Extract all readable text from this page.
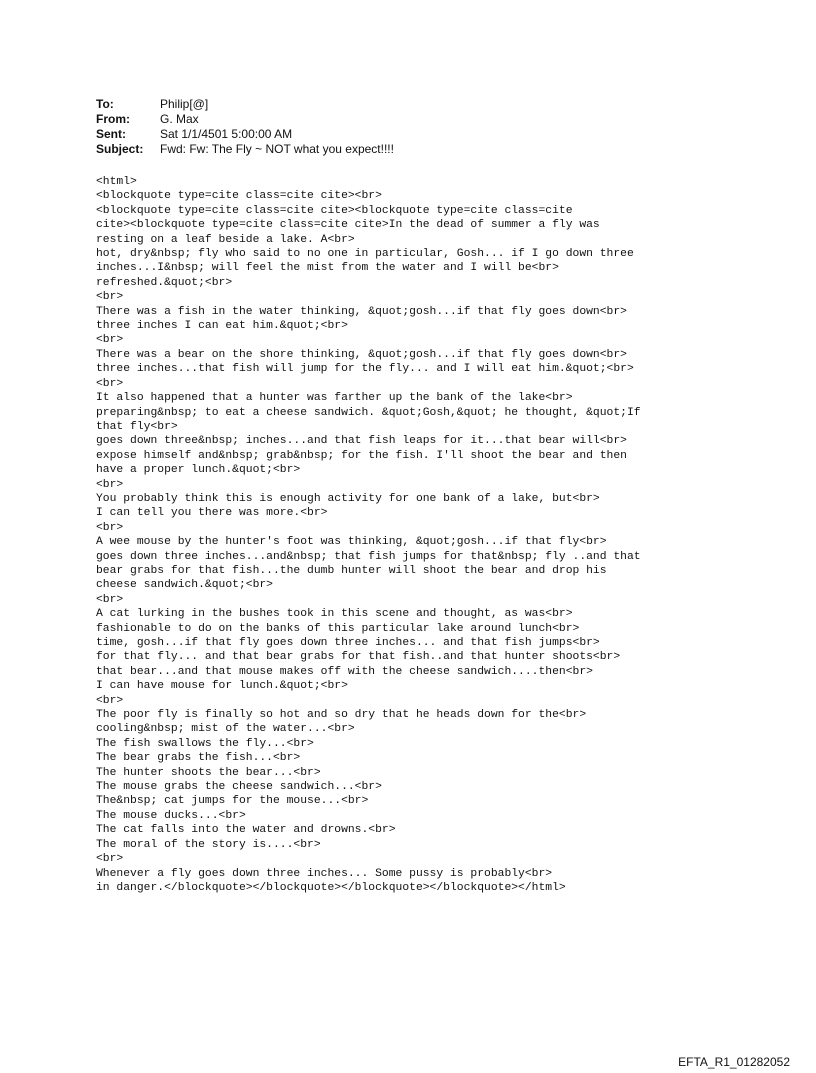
To:	Philip[@]
From:	G. Max
Sent:	Sat 1/1/4501 5:00:00 AM
Subject:	Fwd: Fw: The Fly ~ NOT what you expect!!!!
<html>
<blockquote type=cite class=cite cite><br>
<blockquote type=cite class=cite cite><blockquote type=cite class=cite
cite><blockquote type=cite class=cite cite>In the dead of summer a fly was
resting on a leaf beside a lake. A<br>
hot, dry&nbsp; fly who said to no one in particular, Gosh... if I go down three
inches...I&nbsp; will feel the mist from the water and I will be<br>
refreshed.&quot;<br>
<br>
There was a fish in the water thinking, &quot;gosh...if that fly goes down<br>
three inches I can eat him.&quot;<br>
<br>
There was a bear on the shore thinking, &quot;gosh...if that fly goes down<br>
three inches...that fish will jump for the fly... and I will eat him.&quot;<br>
<br>
It also happened that a hunter was farther up the bank of the lake<br>
preparing&nbsp; to eat a cheese sandwich. &quot;Gosh,&quot; he thought, &quot;If
that fly<br>
goes down three&nbsp; inches...and that fish leaps for it...that bear will<br>
expose himself and&nbsp; grab&nbsp; for the fish. I'll shoot the bear and then
have a proper lunch.&quot;<br>
<br>
You probably think this is enough activity for one bank of a lake, but<br>
I can tell you there was more.<br>
<br>
A wee mouse by the hunter's foot was thinking, &quot;gosh...if that fly<br>
goes down three inches...and&nbsp; that fish jumps for that&nbsp; fly ..and that
bear grabs for that fish...the dumb hunter will shoot the bear and drop his
cheese sandwich.&quot;<br>
<br>
A cat lurking in the bushes took in this scene and thought, as was<br>
fashionable to do on the banks of this particular lake around lunch<br>
time, gosh...if that fly goes down three inches... and that fish jumps<br>
for that fly... and that bear grabs for that fish..and that hunter shoots<br>
that bear...and that mouse makes off with the cheese sandwich....then<br>
I can have mouse for lunch.&quot;<br>
<br>
The poor fly is finally so hot and so dry that he heads down for the<br>
cooling&nbsp; mist of the water...<br>
The fish swallows the fly...<br>
The bear grabs the fish...<br>
The hunter shoots the bear...<br>
The mouse grabs the cheese sandwich...<br>
The&nbsp; cat jumps for the mouse...<br>
The mouse ducks...<br>
The cat falls into the water and drowns.<br>
The moral of the story is....<br>
<br>
Whenever a fly goes down three inches... Some pussy is probably<br>
in danger.</blockquote></blockquote></blockquote></blockquote></html>
EFTA_R1_01282052
